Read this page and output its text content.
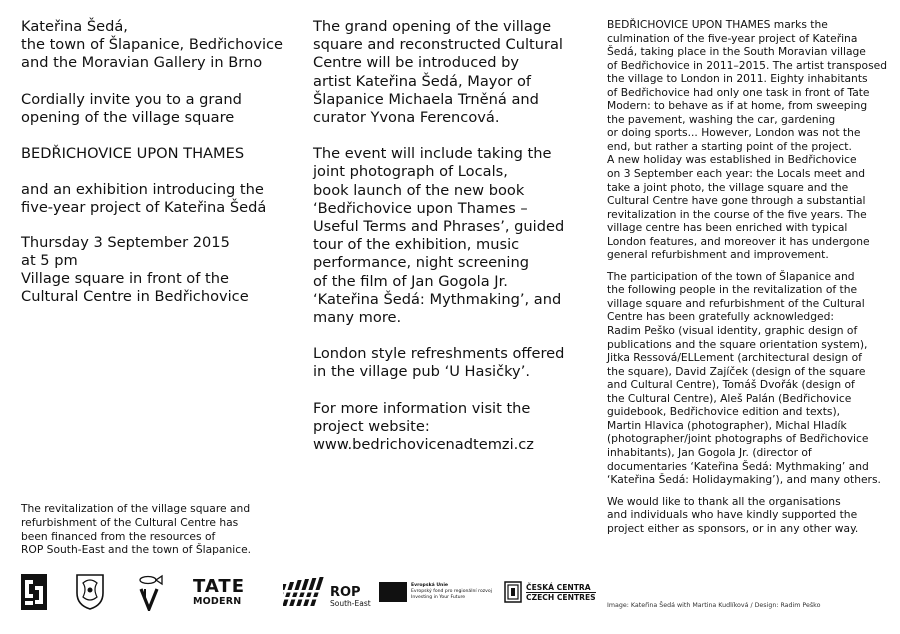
Kateřina Šedá,
the town of Šlapanice, Bedřichovice
and the Moravian Gallery in Brno

Cordially invite you to a grand
opening of the village square

BEDŘICHOVICE UPON THAMES

and an exhibition introducing the
five-year project of Kateřina Šedá

Thursday 3 September 2015
at 5 pm
Village square in front of the
Cultural Centre in Bedřichovice

The grand opening of the village
square and reconstructed Cultural
Centre will be introduced by
artist Kateřina Šedá, Mayor of
Šlapanice Michaela Trněná and
curator Yvona Ferencová.

The event will include taking the
joint photograph of Locals,
book launch of the new book
‘Bedřichovice upon Thames –
Useful Terms and Phrases’, guided
tour of the exhibition, music
performance, night screening
of the film of Jan Gogola Jr.
‘Kateřina Šedá: Mythmaking’, and
many more.

London style refreshments offered
in the village pub ‘U Hasičky’.

For more information visit the
project website:
www.bedrichovicenadtemzi.cz

BEDŘICHOVICE UPON THAMES marks the
culmination of the five-year project of Kateřina
Šedá, taking place in the South Moravian village
of Bedřichovice in 2011–2015. The artist transposed
the village to London in 2011. Eighty inhabitants
of Bedřichovice had only one task in front of Tate
Modern: to behave as if at home, from sweeping
the pavement, washing the car, gardening
or doing sports... However, London was not the
end, but rather a starting point of the project.
A new holiday was established in Bedřichovice
on 3 September each year: the Locals meet and
take a joint photo, the village square and the
Cultural Centre have gone through a substantial
revitalization in the course of the five years. The
village centre has been enriched with typical
London features, and moreover it has undergone
general refurbishment and improvement.

The participation of the town of Šlapanice and
the following people in the revitalization of the
village square and refurbishment of the Cultural
Centre has been gratefully acknowledged:
Radim Peško (visual identity, graphic design of
publications and the square orientation system),
Jitka Ressová/ELLement (architectural design of
the square), David Zajíček (design of the square
and Cultural Centre), Tomáš Dvořák (design of
the Cultural Centre), Aleš Palán (Bedřichovice
guidebook, Bedřichovice edition and texts),
Martin Hlavica (photographer), Michal Hladík
(photographer/joint photographs of Bedřichovice
inhabitants), Jan Gogola Jr. (director of
documentaries ‘Kateřina Šedá: Mythmaking’ and
‘Kateřina Šedá: Holidaymaking’), and many others.

We would like to thank all the organisations
and individuals who have kindly supported the
project either as sponsors, or in any other way.

The revitalization of the village square and
refurbishment of the Cultural Centre has
been financed from the resources of
ROP South-East and the town of Šlapanice.

TATE
MODERN
ROP
South-East
Evropská Unie
Evropský fond pro regionální rozvoj
Investing in Your Future
ČESKÁ CENTRA
CZECH CENTRES

Image: Kateřina Šedá with Martina Kudlíková / Design: Radim Peško
